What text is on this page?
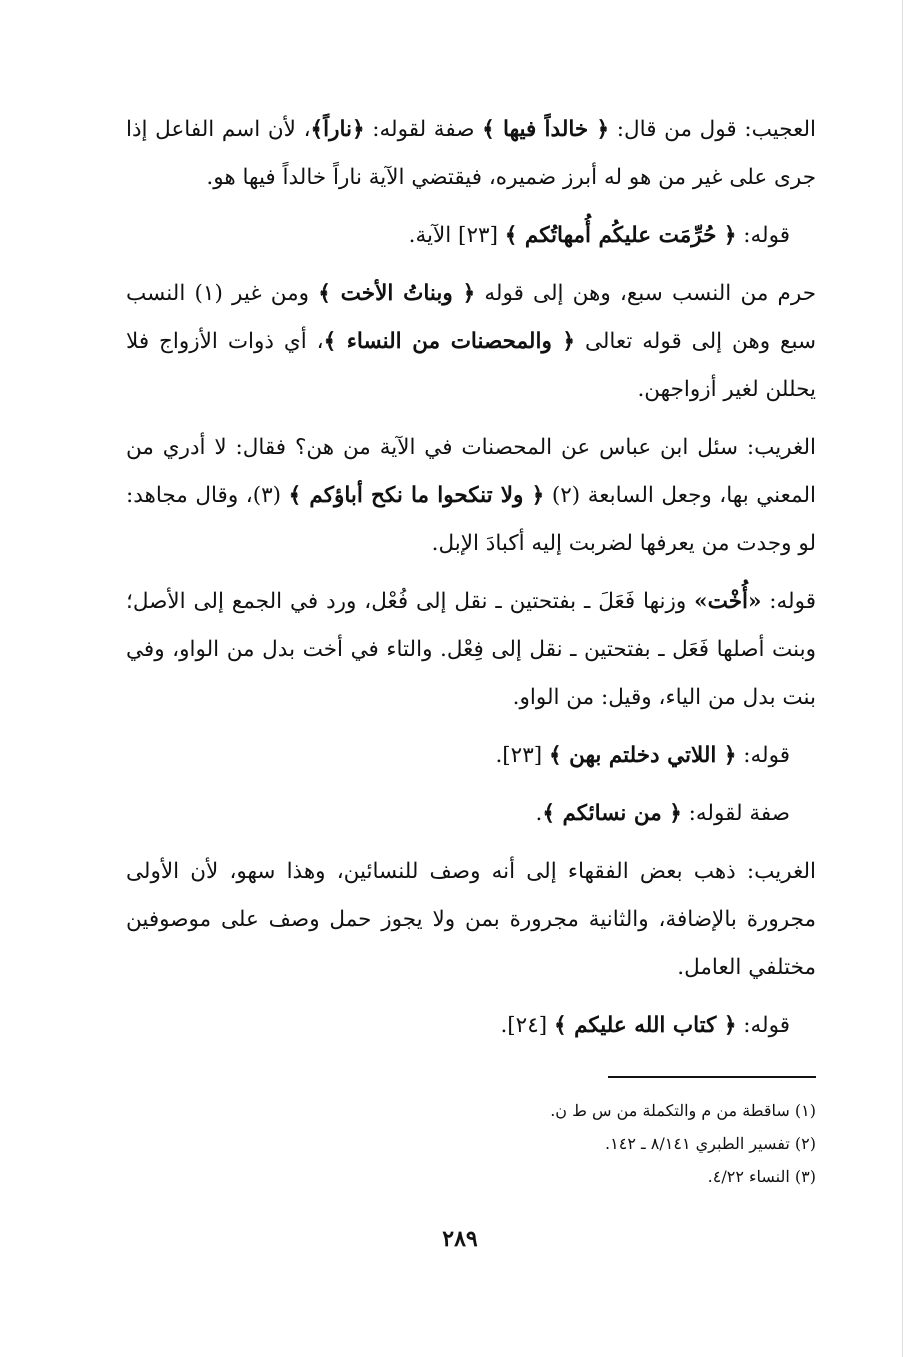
العجيب: قول من قال: ﴿ خالداً فيها ﴾ صفة لقوله: ﴿ناراً﴾، لأن اسم الفاعل إذا جرى على غير من هو له أبرز ضميره، فيقتضي الآية ناراً خالداً فيها هو.

قوله: ﴿ حُرِّمَت عليكُم أُمهاتُكم ﴾ [٢٣] الآية.

حرم من النسب سبع، وهن إلى قوله ﴿ وبناتُ الأخت ﴾ ومن غير (١) النسب سبع وهن إلى قوله تعالى ﴿ والمحصنات من النساء ﴾، أي ذوات الأزواج فلا يحللن لغير أزواجهن.

الغريب: سئل ابن عباس عن المحصنات في الآية من هن؟ فقال: لا أدري من المعني بها، وجعل السابعة (٢) ﴿ ولا تنكحوا ما نكح أباؤكم ﴾ (٣)، وقال مجاهد: لو وجدت من يعرفها لضربت إليه أكبادَ الإبل.

قوله: «أُخْت» وزنها فَعَلَ ـ بفتحتين ـ نقل إلى فُعْل، ورد في الجمع إلى الأصل؛ وبنت أصلها فَعَل ـ بفتحتين ـ نقل إلى فِعْل. والتاء في أخت بدل من الواو، وفي بنت بدل من الياء، وقيل: من الواو.

قوله: ﴿ اللاتي دخلتم بهن ﴾ [٢٣].

صفة لقوله: ﴿ من نسائكم ﴾.

الغريب: ذهب بعض الفقهاء إلى أنه وصف للنسائين، وهذا سهو، لأن الأولى مجرورة بالإضافة، والثانية مجرورة بمن ولا يجوز حمل وصف على موصوفين مختلفي العامل.

قوله: ﴿ كتاب الله عليكم ﴾ [٢٤].

(١) ساقطة من م والتكملة من س ط ن.

(٢) تفسير الطبري ٨/١٤١ ـ ١٤٢.

(٣) النساء ٤/٢٢.

٢٨٩
